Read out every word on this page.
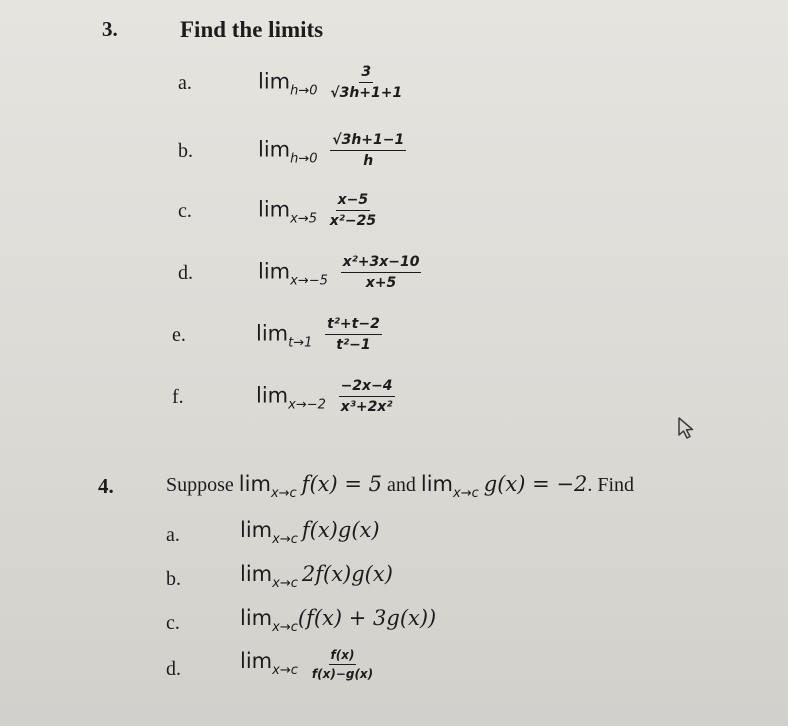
3.	Find the limits
a.	$\lim_{h\to 0} \frac{3}{√3h+1+1}$
b.	$\lim_{h\to 0} \frac{√3h+1-1}{h}$
c.	$\lim_{x\to 5} \frac{x-5}{\text{x²−25}}$
d.	$\lim_{x\to-5} \frac{\text{x²+3x−10}}{x+5}$
e.	$\lim_{t\to 1} \frac{\text{t²+t−2}}{\text{t²−1}}$
f.	$\lim_{x\to-2} \frac{-2x-4}{\text{x³+2x²}}$
4.	Suppose $\lim_{x\to c} f(x) = 5$ and $\lim_{x\to c} g(x) = -2$. Find
a.	$\lim_{x\to c} f(x)g(x)$
b.	$\lim_{x\to c} 2f(x)g(x)$
c.	$\lim_{x\to c}(f(x) + 3g(x))$
d.	$\lim_{x\to c} \frac{f(x)}{f(x)-g(x)}$
